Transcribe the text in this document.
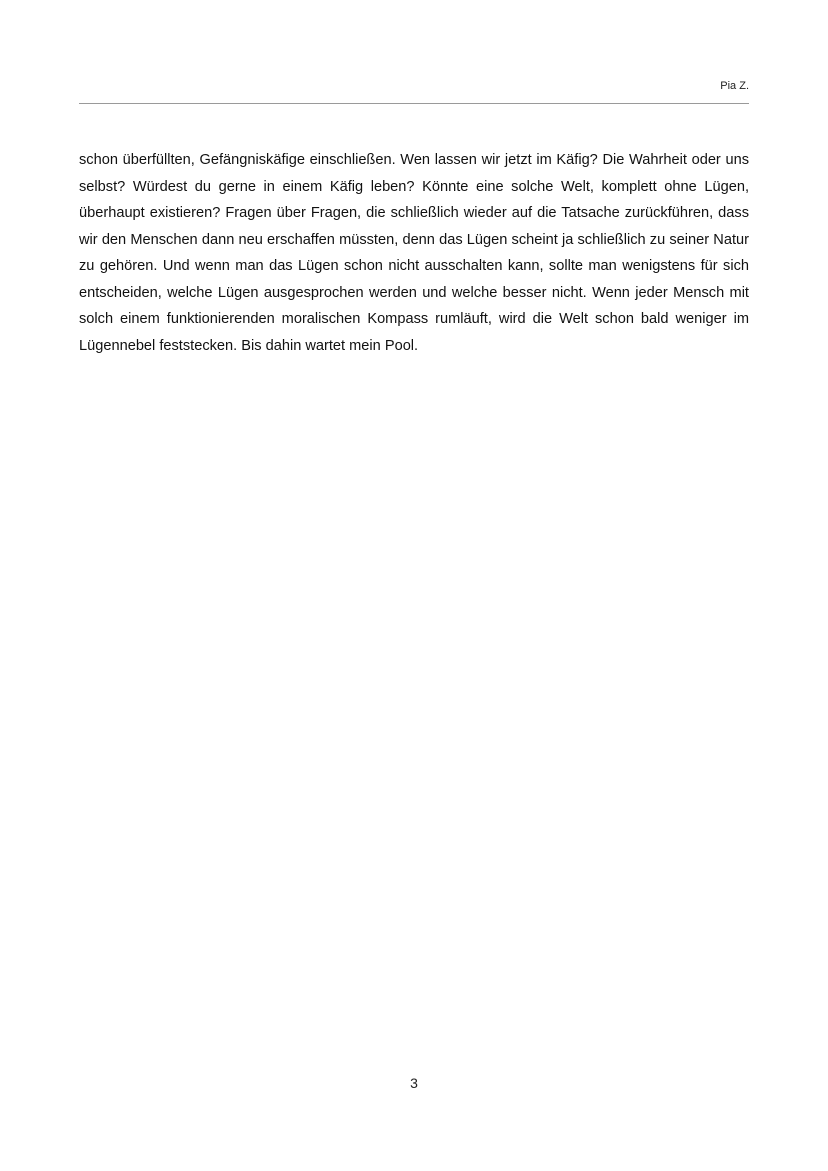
Pia Z.

schon überfüllten, Gefängniskäfige einschließen. Wen lassen wir jetzt im Käfig? Die Wahrheit oder uns selbst? Würdest du gerne in einem Käfig leben? Könnte eine solche Welt, komplett ohne Lügen, überhaupt existieren? Fragen über Fragen, die schließlich wieder auf die Tatsache zurückführen, dass wir den Menschen dann neu erschaffen müssten, denn das Lügen scheint ja schließlich zu seiner Natur zu gehören. Und wenn man das Lügen schon nicht ausschalten kann, sollte man wenigstens für sich entscheiden, welche Lügen ausgesprochen werden und welche besser nicht. Wenn jeder Mensch mit solch einem funktionierenden moralischen Kompass rumläuft, wird die Welt schon bald weniger im Lügennebel feststecken. Bis dahin wartet mein Pool.

3
